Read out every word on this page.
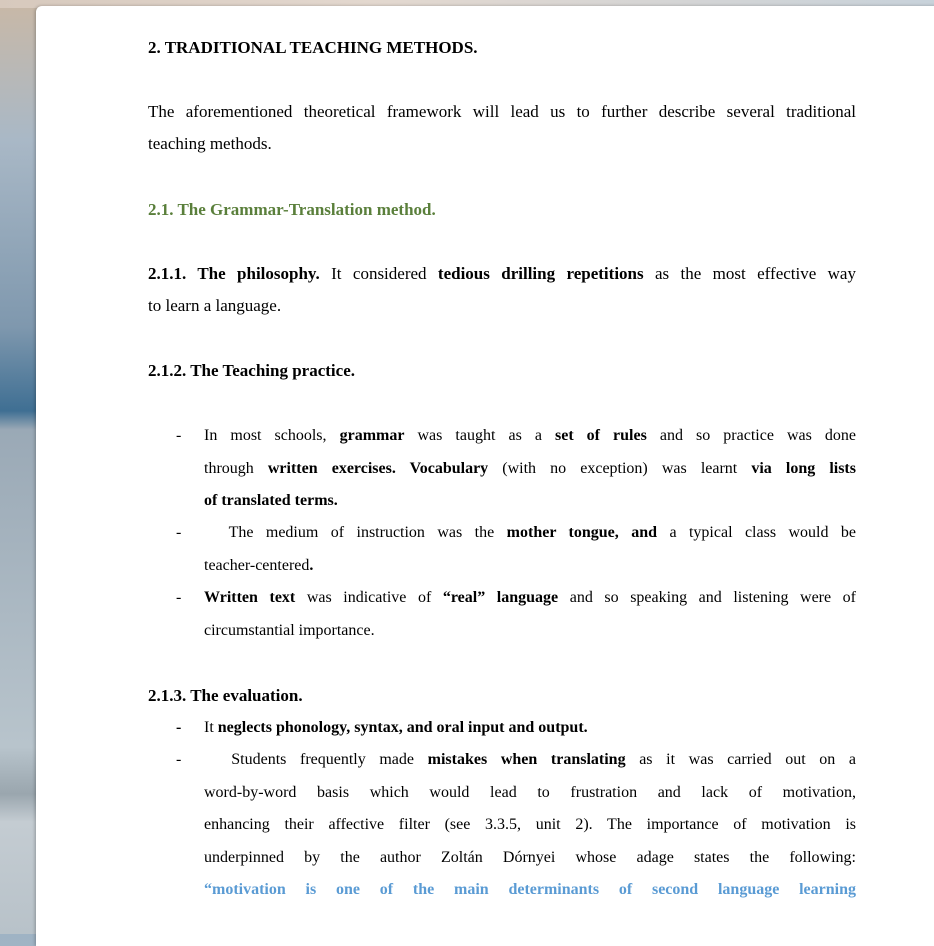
2. TRADITIONAL TEACHING METHODS.
The aforementioned theoretical framework will lead us to further describe several traditional
teaching methods.
2.1. The Grammar-Translation method.
2.1.1. The philosophy. It considered tedious drilling repetitions as the most effective way
to learn a language.
2.1.2. The Teaching practice.
- In most schools, grammar was taught as a set of rules and so practice was done
through written exercises. Vocabulary (with no exception) was learnt via long lists
of translated terms.
- The medium of instruction was the mother tongue, and a typical class would be
teacher-centered.
- Written text was indicative of “real” language and so speaking and listening were of
circumstantial importance.
2.1.3. The evaluation.
- It neglects phonology, syntax, and oral input and output.
- Students frequently made mistakes when translating as it was carried out on a
word-by-word basis which would lead to frustration and lack of motivation,
enhancing their affective filter (see 3.3.5, unit 2). The importance of motivation is
underpinned by the author Zoltán Dórnyei whose adage states the following:
“motivation is one of the main determinants of second language learning
